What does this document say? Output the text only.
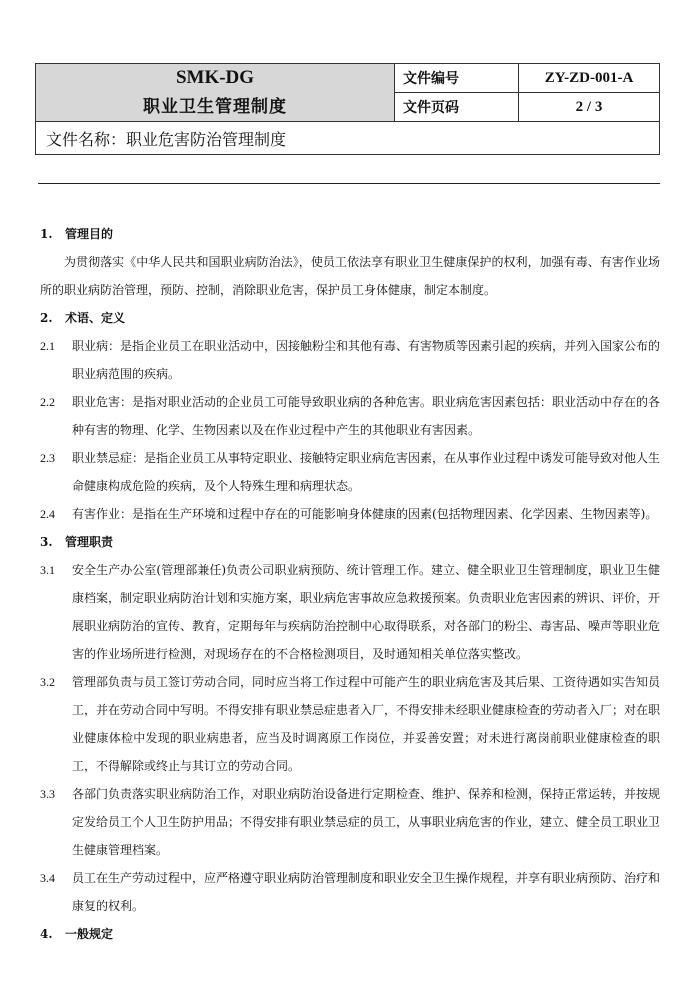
SMK-DG
职业卫生管理制度	文件编号	ZY-ZD-001-A
	文件页码	2 / 3
文件名称：职业危害防治管理制度		
1. 管理目的
为贯彻落实《中华人民共和国职业病防治法》，使员工依法享有职业卫生健康保护的权利，加强有毒、有害作业场所的职业病防治管理，预防、控制，消除职业危害，保护员工身体健康，制定本制度。
2. 术语、定义
2.1	职业病：是指企业员工在职业活动中，因接触粉尘和其他有毒、有害物质等因素引起的疾病，并列入国家公布的职业病范围的疾病。
2.2	职业危害：是指对职业活动的企业员工可能导致职业病的各种危害。职业病危害因素包括：职业活动中存在的各种有害的物理、化学、生物因素以及在作业过程中产生的其他职业有害因素。
2.3	职业禁忌症：是指企业员工从事特定职业、接触特定职业病危害因素，在从事作业过程中诱发可能导致对他人生命健康构成危险的疾病，及个人特殊生理和病理状态。
2.4	有害作业：是指在生产环境和过程中存在的可能影响身体健康的因素(包括物理因素、化学因素、生物因素等)。
3. 管理职责
3.1	安全生产办公室(管理部兼任)负责公司职业病预防、统计管理工作。建立、健全职业卫生管理制度，职业卫生健康档案，制定职业病防治计划和实施方案，职业病危害事故应急救援预案。负责职业危害因素的辨识、评价，开展职业病防治的宣传、教育，定期每年与疾病防治控制中心取得联系，对各部门的粉尘、毒害品、噪声等职业危害的作业场所进行检测，对现场存在的不合格检测项目，及时通知相关单位落实整改。
3.2	管理部负责与员工签订劳动合同，同时应当将工作过程中可能产生的职业病危害及其后果、工资待遇如实告知员工，并在劳动合同中写明。不得安排有职业禁忌症患者入厂，不得安排未经职业健康检查的劳动者入厂；对在职业健康体检中发现的职业病患者，应当及时调离原工作岗位，并妥善安置；对未进行离岗前职业健康检查的职工，不得解除或终止与其订立的劳动合同。
3.3	各部门负责落实职业病防治工作，对职业病防治设备进行定期检查、维护、保养和检测，保持正常运转，并按规定发给员工个人卫生防护用品；不得安排有职业禁忌症的员工，从事职业病危害的作业，建立、健全员工职业卫生健康管理档案。
3.4	员工在生产劳动过程中，应严格遵守职业病防治管理制度和职业安全卫生操作规程，并享有职业病预防、治疗和康复的权利。
4. 一般规定
